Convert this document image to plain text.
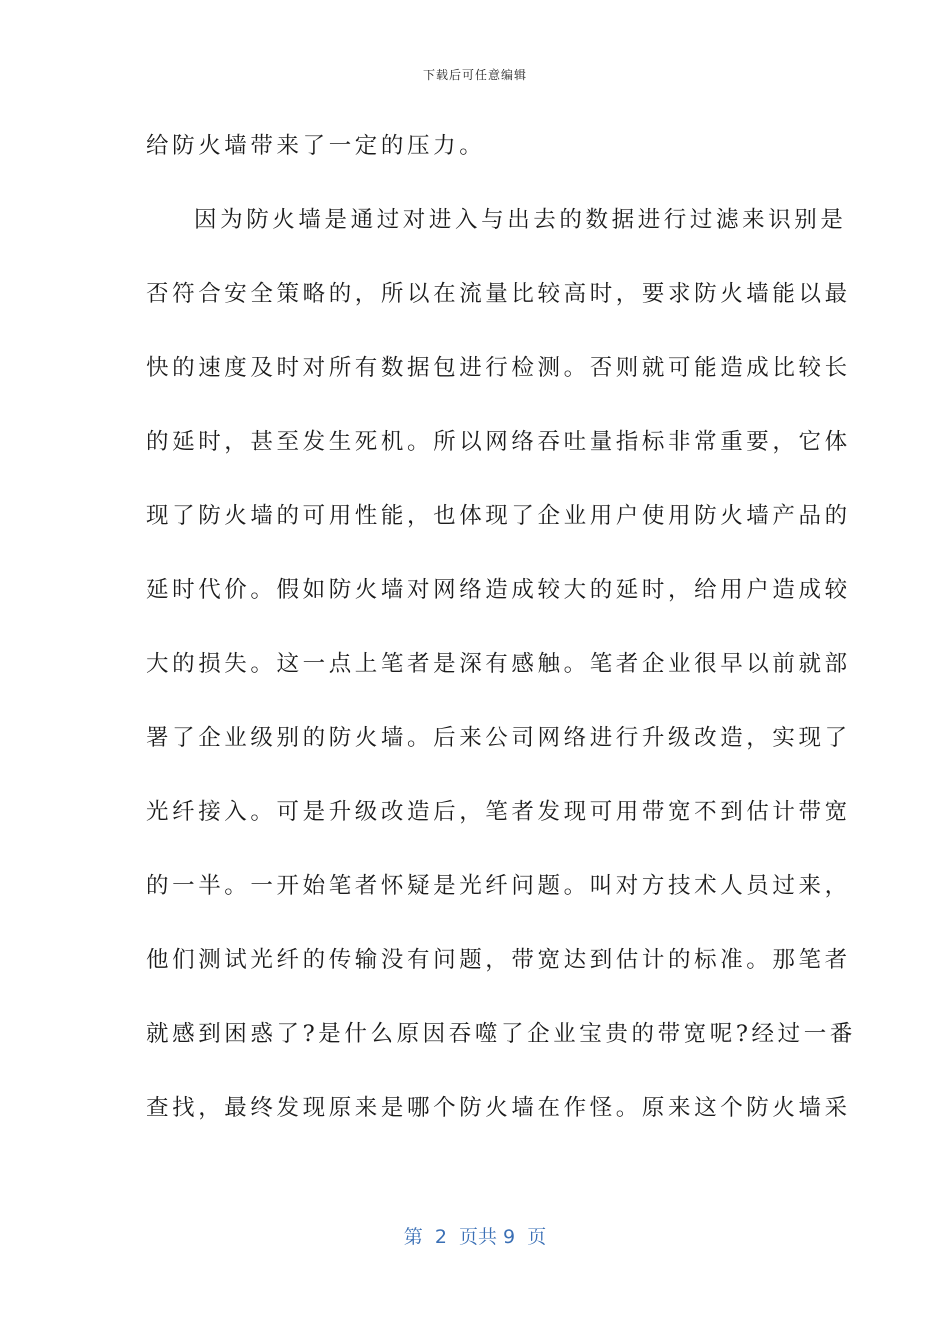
下载后可任意编辑
给防火墙带来了一定的压力。
因为防火墙是通过对进入与出去的数据进行过滤来识别是
否符合安全策略的，所以在流量比较高时，要求防火墙能以最
快的速度及时对所有数据包进行检测。否则就可能造成比较长
的延时，甚至发生死机。所以网络吞吐量指标非常重要，它体
现了防火墙的可用性能，也体现了企业用户使用防火墙产品的
延时代价。假如防火墙对网络造成较大的延时，给用户造成较
大的损失。这一点上笔者是深有感触。笔者企业很早以前就部
署了企业级别的防火墙。后来公司网络进行升级改造，实现了
光纤接入。可是升级改造后，笔者发现可用带宽不到估计带宽
的一半。一开始笔者怀疑是光纤问题。叫对方技术人员过来，
他们测试光纤的传输没有问题，带宽达到估计的标准。那笔者
就感到困惑了?是什么原因吞噬了企业宝贵的带宽呢?经过一番
查找，最终发现原来是哪个防火墙在作怪。原来这个防火墙采
第  2  页共 9  页
